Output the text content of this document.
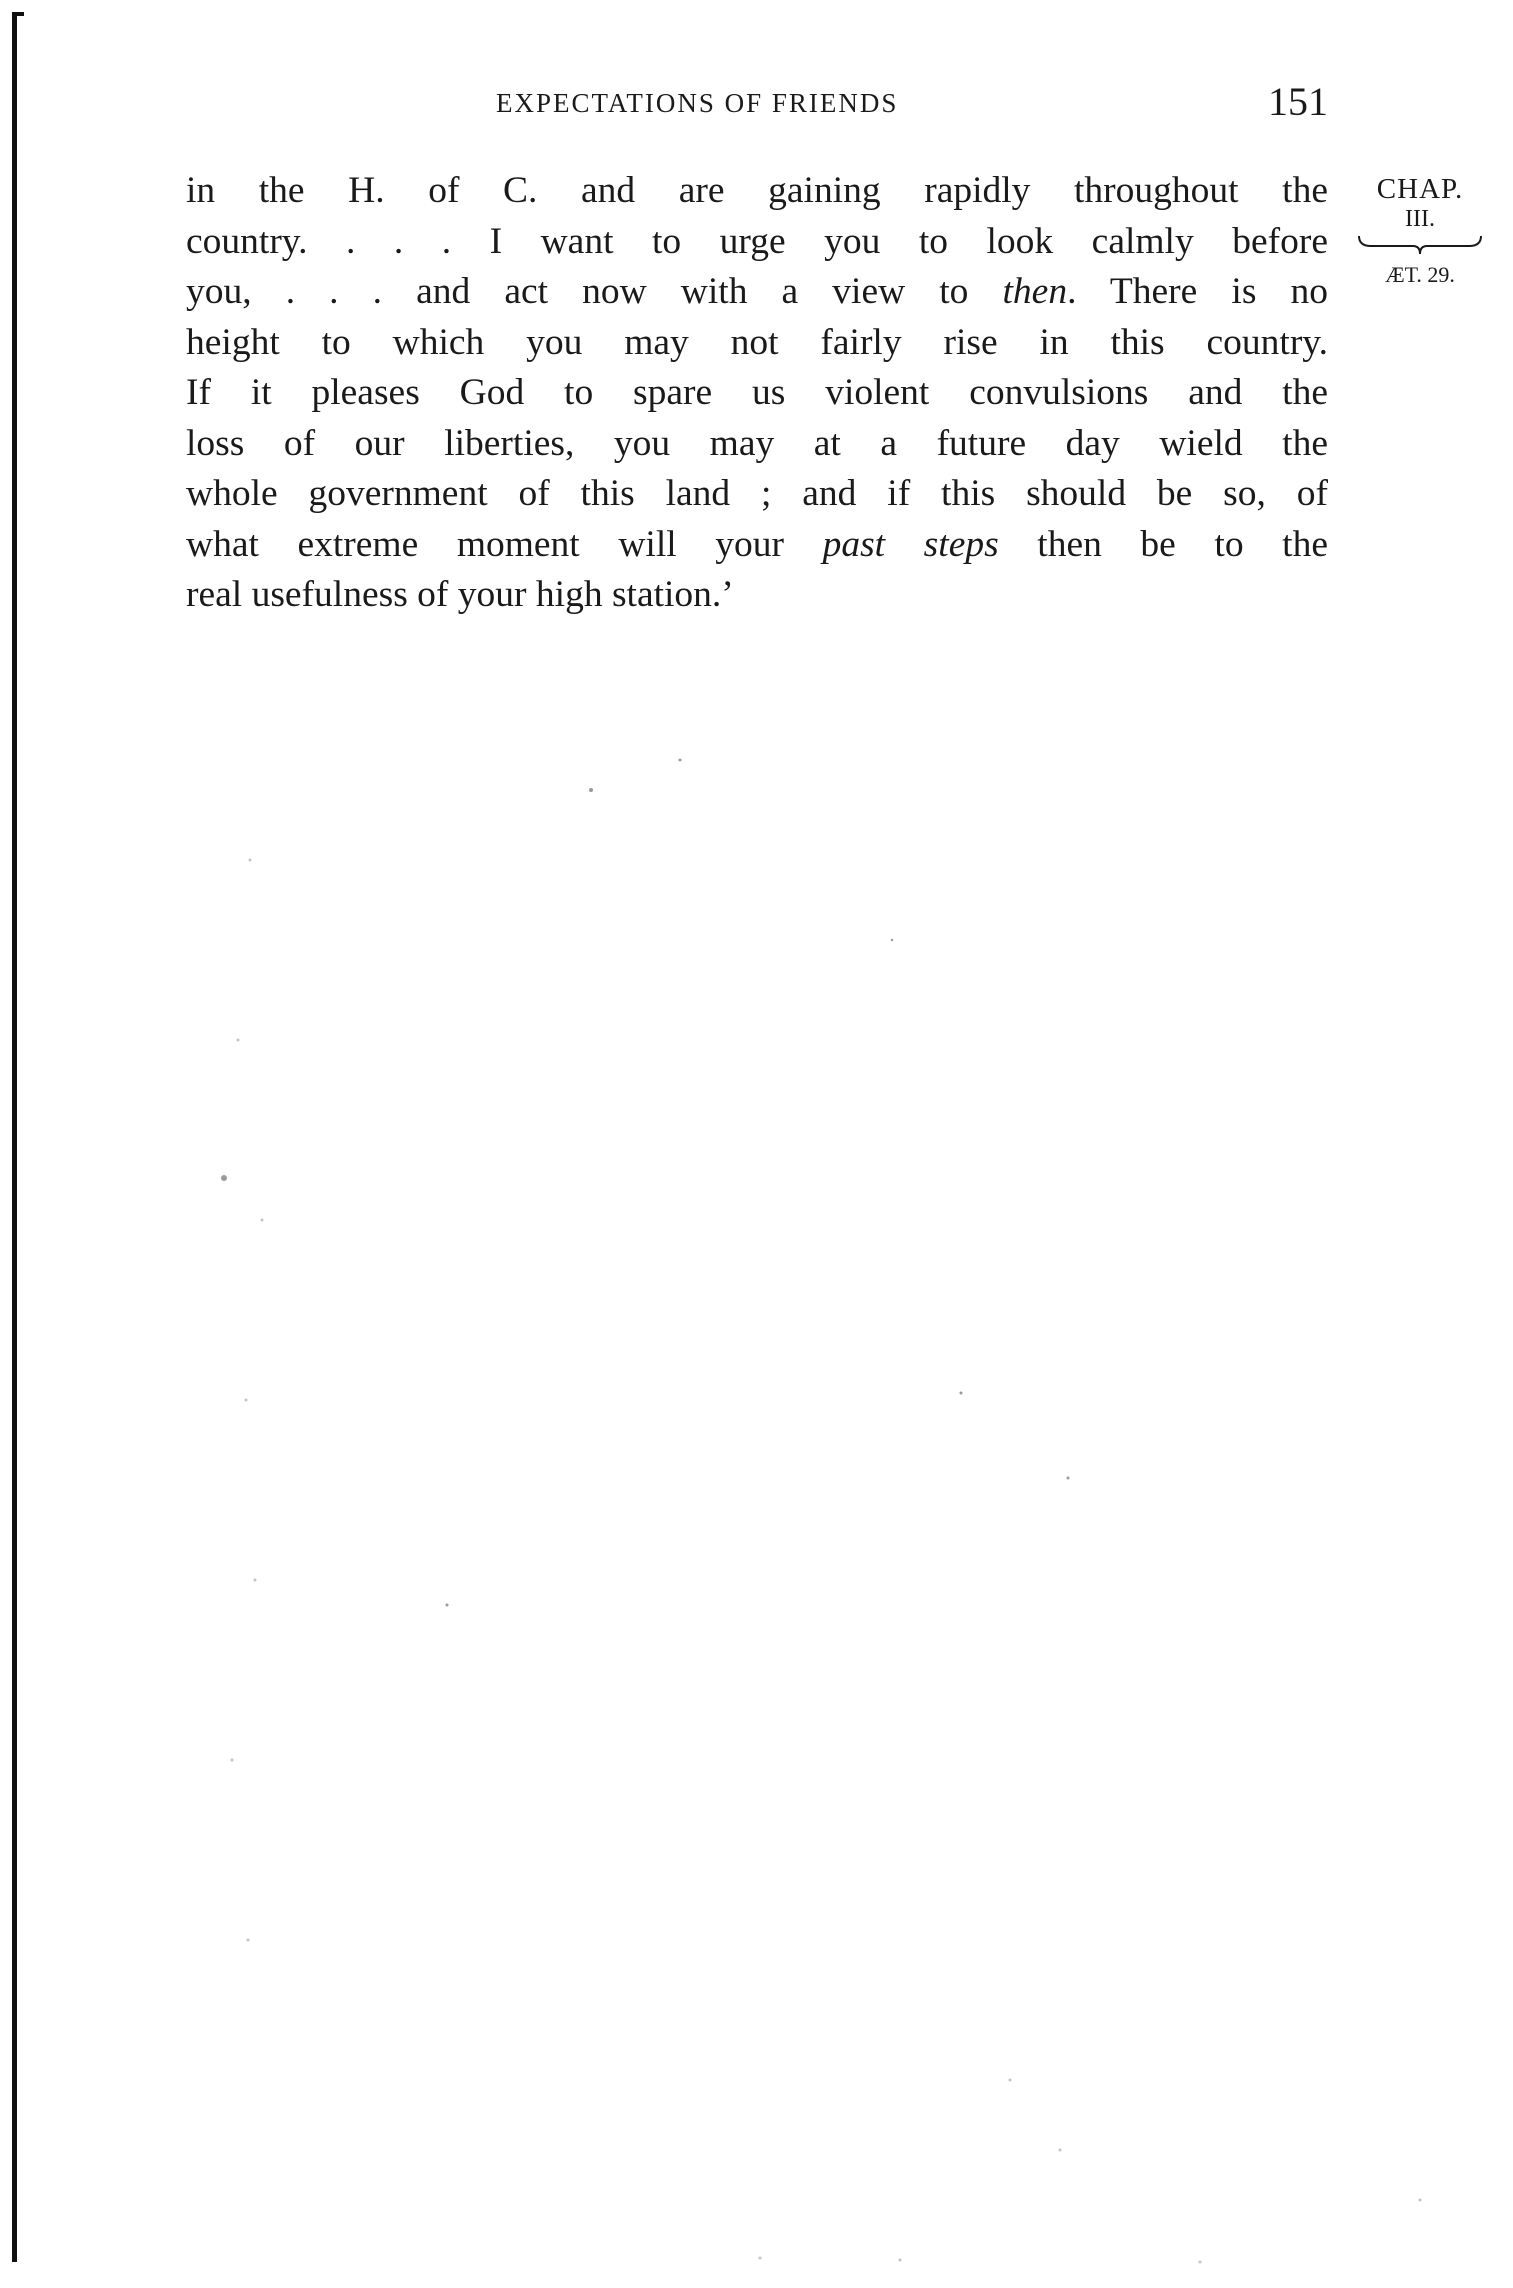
EXPECTATIONS OF FRIENDS	151
in the H. of C. and are gaining rapidly throughout the
country. . . . I want to urge you to look calmly before
you, . . . and act now with a view to then. There is no
height to which you may not fairly rise in this country.
If it pleases God to spare us violent convulsions and the
loss of our liberties, you may at a future day wield the
whole government of this land ; and if this should be so, of
what extreme moment will your past steps then be to the
real usefulness of your high station.’
CHAP.
III.
ÆT. 29.
